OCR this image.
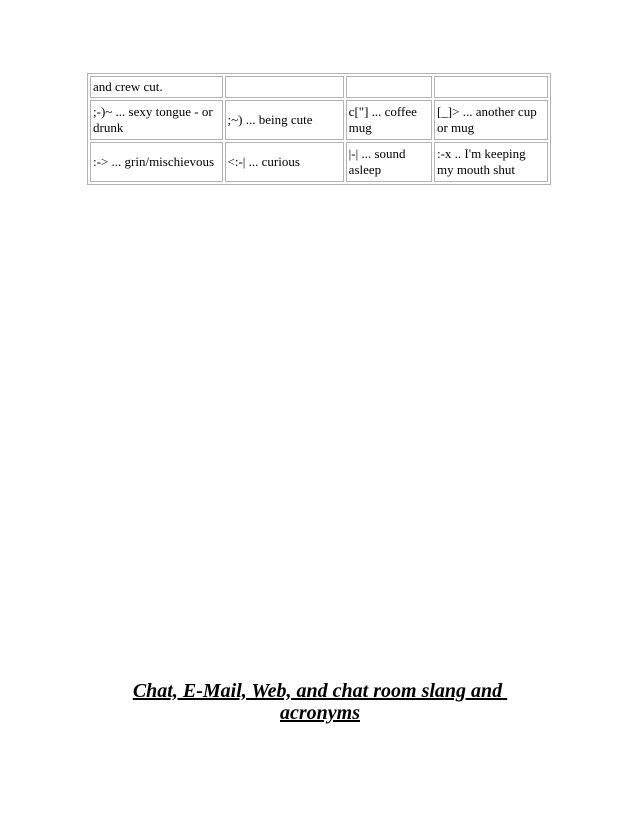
and crew cut.			
;-)~ ... sexy tongue - or drunk	;~) ... being cute	c["] ... coffee mug	[_]> ... another cup or mug
:-> ... grin/mischievous	<:-| ... curious	|-| ... sound asleep	:-x .. I'm keeping my mouth shut
Chat, E-Mail, Web, and chat room slang and
acronyms
